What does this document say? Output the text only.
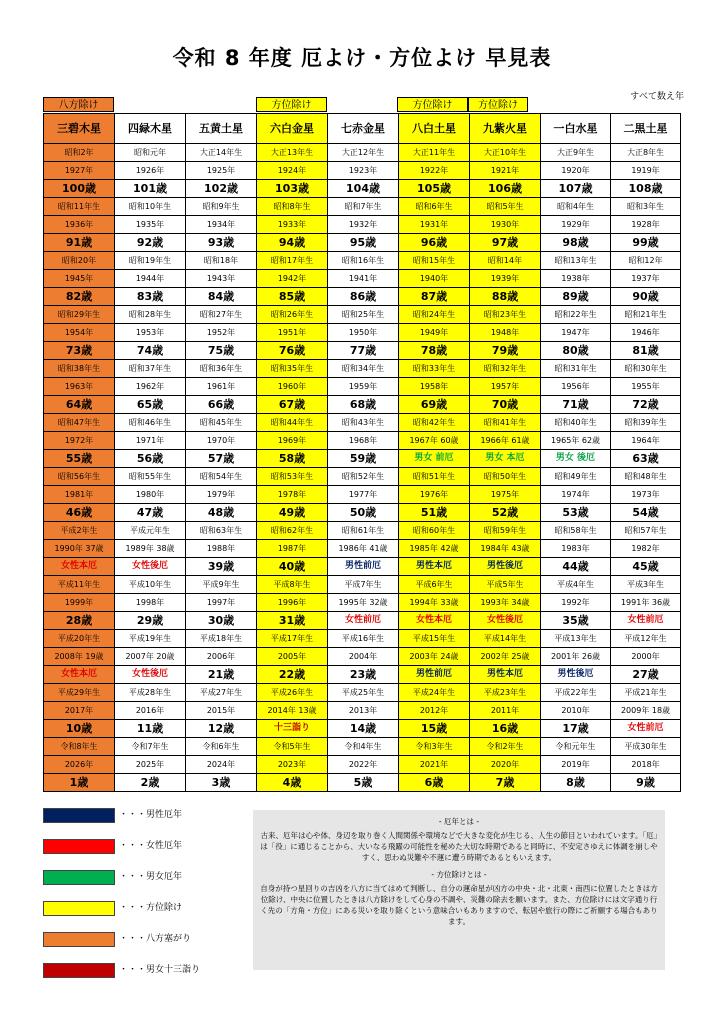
令和 8 年度 厄よけ・方位よけ 早見表
すべて数え年
八方除け	方位除け	方位除け	方位除け
三碧木星	四緑木星	五黄土星	六白金星	七赤金星	八白土星	九紫火星	一白水星	二黒土星
昭和2年	昭和元年	大正14年生	大正13年生	大正12年生	大正11年生	大正10年生	大正9年生	大正8年生
1927年	1926年	1925年	1924年	1923年	1922年	1921年	1920年	1919年
100歳	101歳	102歳	103歳	104歳	105歳	106歳	107歳	108歳
昭和11年生	昭和10年生	昭和9年生	昭和8年生	昭和7年生	昭和6年生	昭和5年生	昭和4年生	昭和3年生
1936年	1935年	1934年	1933年	1932年	1931年	1930年	1929年	1928年
91歳	92歳	93歳	94歳	95歳	96歳	97歳	98歳	99歳
昭和20年	昭和19年生	昭和18年	昭和17年生	昭和16年生	昭和15年生	昭和14年	昭和13年生	昭和12年
1945年	1944年	1943年	1942年	1941年	1940年	1939年	1938年	1937年
82歳	83歳	84歳	85歳	86歳	87歳	88歳	89歳	90歳
昭和29年生	昭和28年生	昭和27年生	昭和26年生	昭和25年生	昭和24年生	昭和23年生	昭和22年生	昭和21年生
1954年	1953年	1952年	1951年	1950年	1949年	1948年	1947年	1946年
73歳	74歳	75歳	76歳	77歳	78歳	79歳	80歳	81歳
昭和38年生	昭和37年生	昭和36年生	昭和35年生	昭和34年生	昭和33年生	昭和32年生	昭和31年生	昭和30年生
1963年	1962年	1961年	1960年	1959年	1958年	1957年	1956年	1955年
64歳	65歳	66歳	67歳	68歳	69歳	70歳	71歳	72歳
昭和47年生	昭和46年生	昭和45年生	昭和44年生	昭和43年生	昭和42年生	昭和41年生	昭和40年生	昭和39年生
1972年	1971年	1970年	1969年	1968年	1967年 60歳	1966年 61歳	1965年 62歳	1964年
55歳	56歳	57歳	58歳	59歳	男女 前厄	男女 本厄	男女 後厄	63歳
昭和56年生	昭和55年生	昭和54年生	昭和53年生	昭和52年生	昭和51年生	昭和50年生	昭和49年生	昭和48年生
1981年	1980年	1979年	1978年	1977年	1976年	1975年	1974年	1973年
46歳	47歳	48歳	49歳	50歳	51歳	52歳	53歳	54歳
平成2年生	平成元年生	昭和63年生	昭和62年生	昭和61年生	昭和60年生	昭和59年生	昭和58年生	昭和57年生
1990年 37歳	1989年 38歳	1988年	1987年	1986年 41歳	1985年 42歳	1984年 43歳	1983年	1982年
女性本厄	女性後厄	39歳	40歳	男性前厄	男性本厄	男性後厄	44歳	45歳
平成11年生	平成10年生	平成9年生	平成8年生	平成7年生	平成6年生	平成5年生	平成4年生	平成3年生
1999年	1998年	1997年	1996年	1995年 32歳	1994年 33歳	1993年 34歳	1992年	1991年 36歳
28歳	29歳	30歳	31歳	女性前厄	女性本厄	女性後厄	35歳	女性前厄
平成20年生	平成19年生	平成18年生	平成17年生	平成16年生	平成15年生	平成14年生	平成13年生	平成12年生
2008年 19歳	2007年 20歳	2006年	2005年	2004年	2003年 24歳	2002年 25歳	2001年 26歳	2000年
女性本厄	女性後厄	21歳	22歳	23歳	男性前厄	男性本厄	男性後厄	27歳
平成29年生	平成28年生	平成27年生	平成26年生	平成25年生	平成24年生	平成23年生	平成22年生	平成21年生
2017年	2016年	2015年	2014年 13歳	2013年	2012年	2011年	2010年	2009年 18歳
10歳	11歳	12歳	十三詣り	14歳	15歳	16歳	17歳	女性前厄
令和8年生	令和7年生	令和6年生	令和5年生	令和4年生	令和3年生	令和2年生	令和元年生	平成30年生
2026年	2025年	2024年	2023年	2022年	2021年	2020年	2019年	2018年
1歳	2歳	3歳	4歳	5歳	6歳	7歳	8歳	9歳
・・・男性厄年
・・・女性厄年
・・・男女厄年
・・・方位除け
・・・八方塞がり
・・・男女十三詣り
- 厄年とは -

古来、厄年は心や体、身辺を取り巻く人間関係や環境などで大きな変化が生じる、人生の節目といわれています。「厄」は「役」に通じることから、大いなる飛躍の可能性を秘めた大切な時期であると同時に、不安定さゆえに体調を崩しやすく、思わぬ災難や不運に遭う時期であるともいえます。

- 方位除けとは -

自身が持つ星回りの吉凶を八方に当てはめて判断し、自分の運命星が凶方の中央・北・北東・南西に位置したときは方位除け、中央に位置したときは八方除けをして心身の不調や、災難の除去を願います。また、方位除けには文字通り行く先の「方角・方位」にある災いを取り除くという意味合いもありますので、転居や旅行の際にご祈願する場合もあります。
